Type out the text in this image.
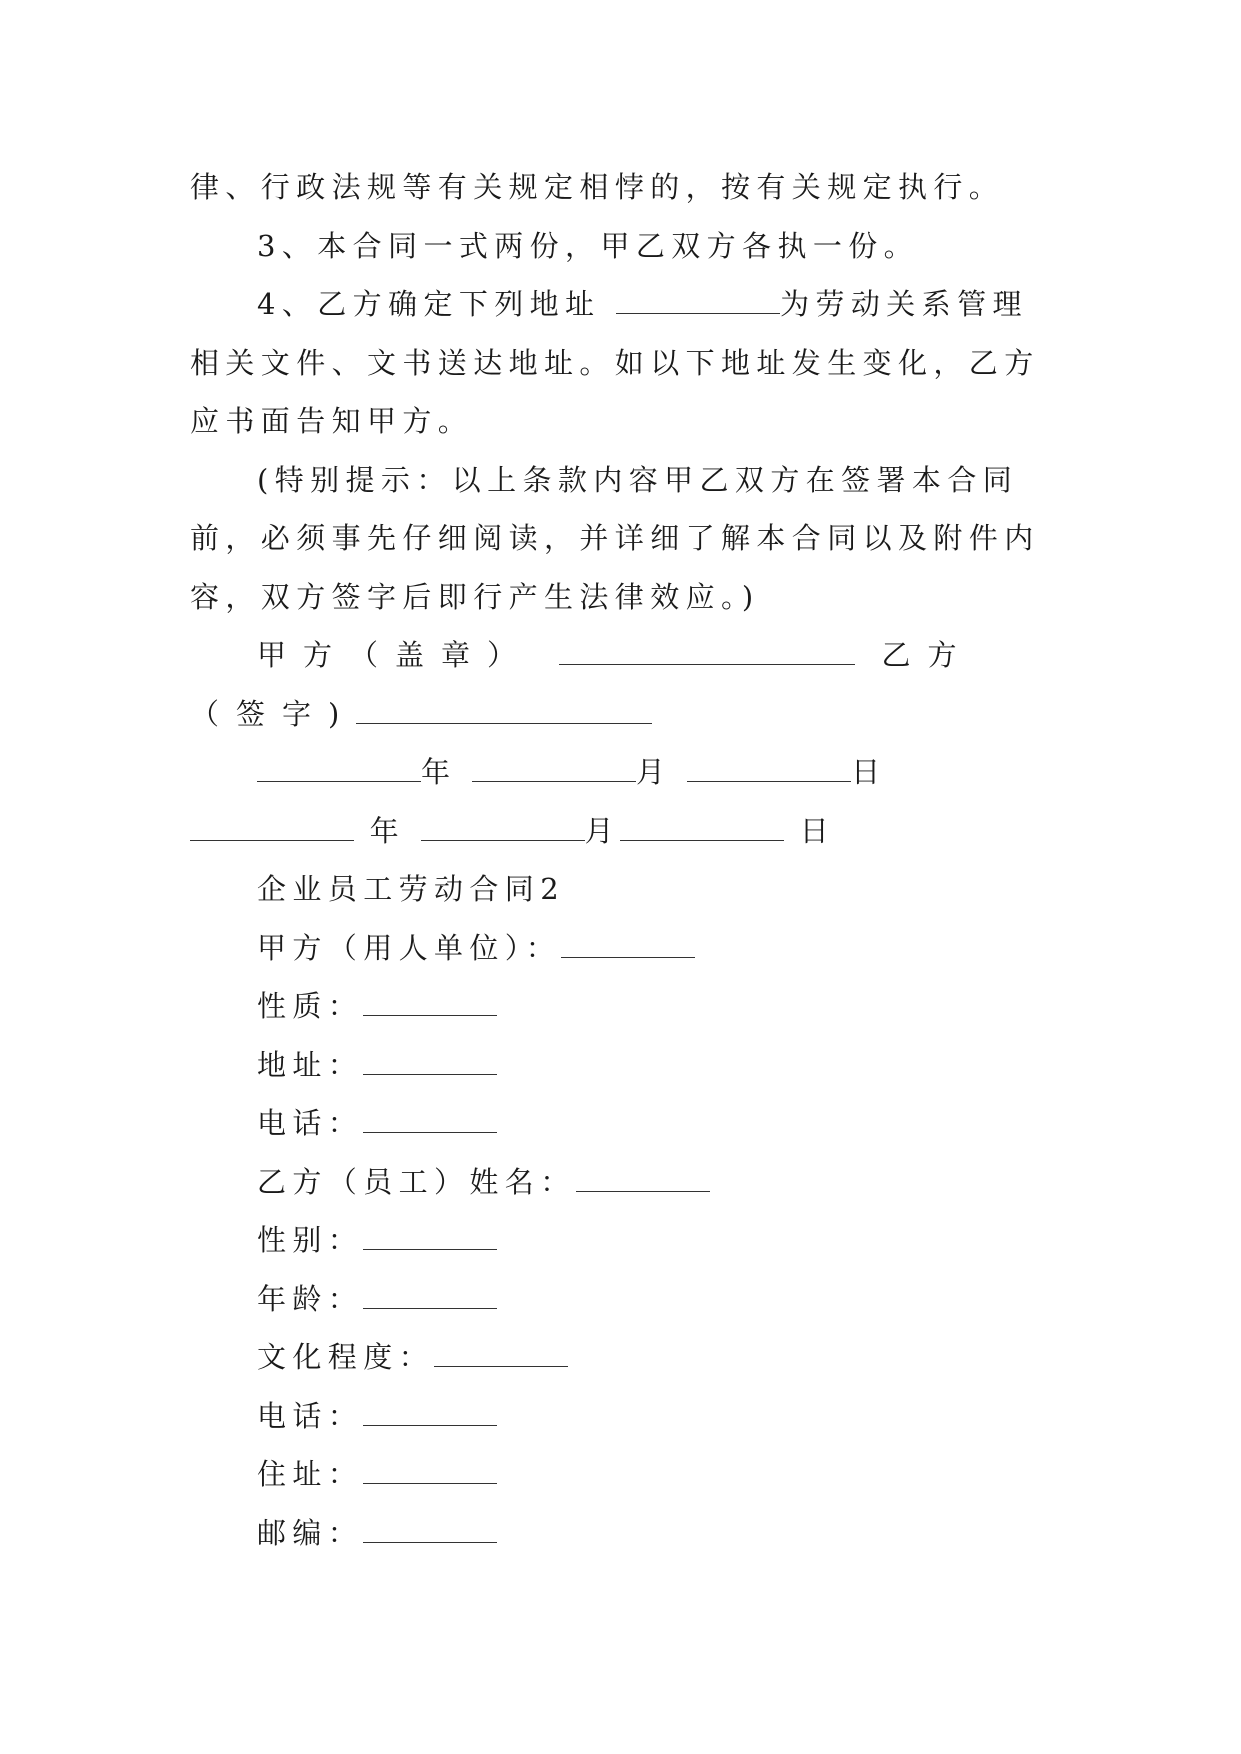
律、行政法规等有关规定相悖的，按有关规定执行。

3、本合同一式两份，甲乙双方各执一份。

4、乙方确定下列地址	为劳动关系管理相关文件、文书送达地址。如以下地址发生变化，乙方应书面告知甲方。

(特别提示：以上条款内容甲乙双方在签署本合同前，必须事先仔细阅读，并详细了解本合同以及附件内容，双方签字后即行产生法律效应。)

甲方（盖章）	乙方（签字)

年	月	日 年	月	日

企业员工劳动合同2

甲方（用人单位）：

性质：

地址：

电话：

乙方（员工）姓名：

性别：

年龄：

文化程度：

电话：

住址：

邮编：
